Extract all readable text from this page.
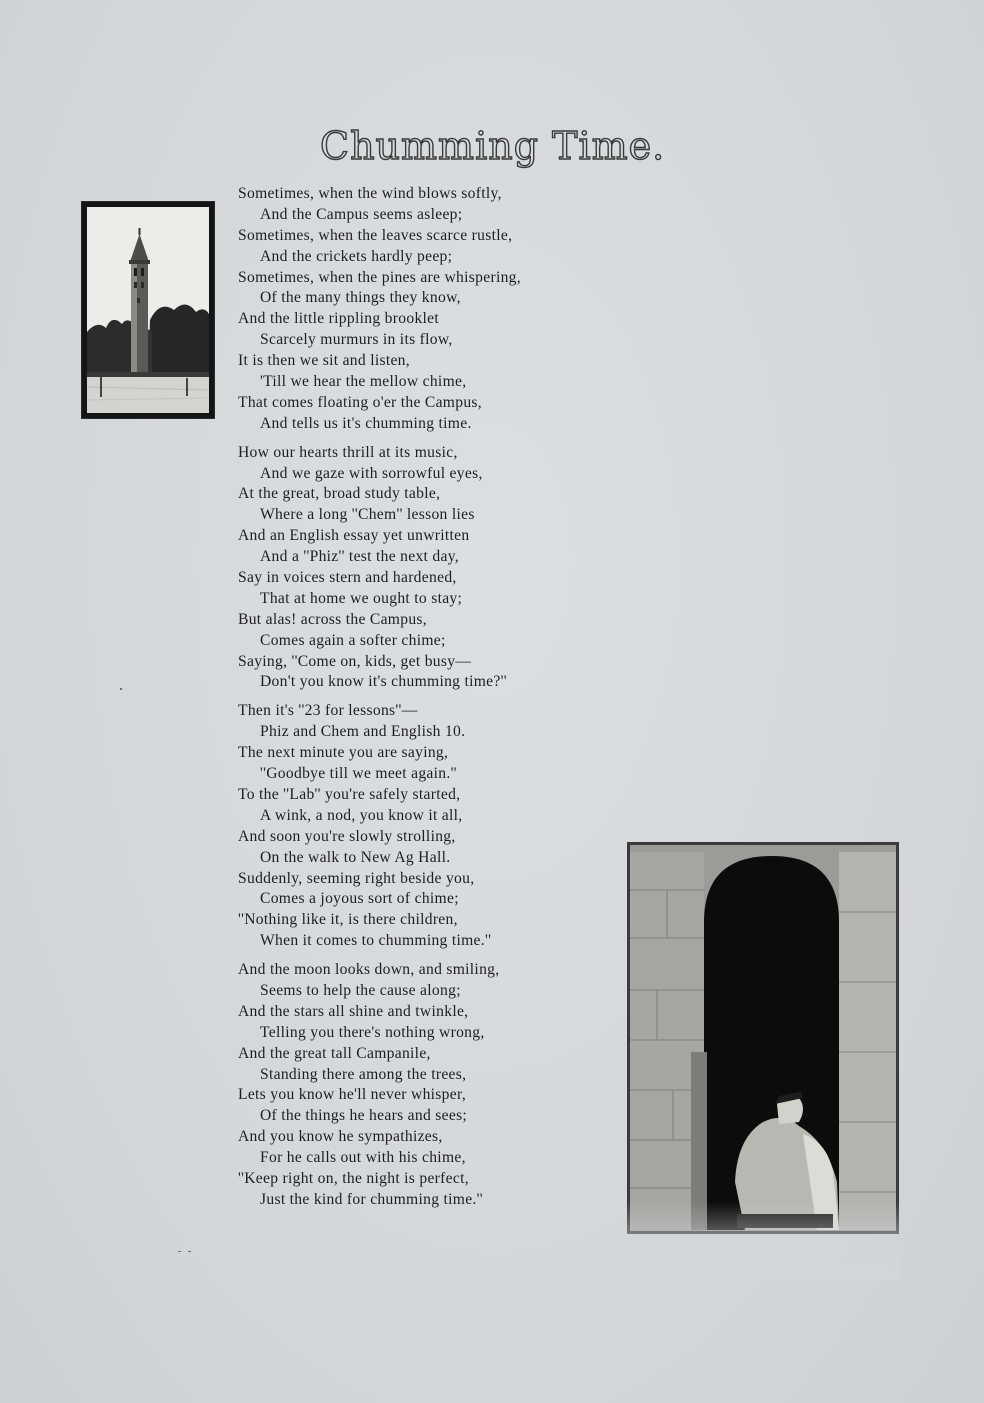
Chumming Time.
Sometimes, when the wind blows softly,
And the Campus seems asleep;
Sometimes, when the leaves scarce rustle,
And the crickets hardly peep;
Sometimes, when the pines are whispering,
Of the many things they know,
And the little rippling brooklet
Scarcely murmurs in its flow,
It is then we sit and listen,
'Till we hear the mellow chime,
That comes floating o'er the Campus,
And tells us it's chumming time.
How our hearts thrill at its music,
And we gaze with sorrowful eyes,
At the great, broad study table,
Where a long ''Chem'' lesson lies
And an English essay yet unwritten
And a ''Phiz'' test the next day,
Say in voices stern and hardened,
That at home we ought to stay;
But alas! across the Campus,
Comes again a softer chime;
Saying, ''Come on, kids, get busy—
Don't you know it's chumming time?''
Then it's ''23 for lessons''—
Phiz and Chem and English 10.
The next minute you are saying,
''Goodbye till we meet again.''
To the ''Lab'' you're safely started,
A wink, a nod, you know it all,
And soon you're slowly strolling,
On the walk to New Ag Hall.
Suddenly, seeming right beside you,
Comes a joyous sort of chime;
''Nothing like it, is there children,
When it comes to chumming time.''
And the moon looks down, and smiling,
Seems to help the cause along;
And the stars all shine and twinkle,
Telling you there's nothing wrong,
And the great tall Campanile,
Standing there among the trees,
Lets you know he'll never whisper,
Of the things he hears and sees;
And you know he sympathizes,
For he calls out with his chime,
''Keep right on, the night is perfect,
Just the kind for chumming time.''
